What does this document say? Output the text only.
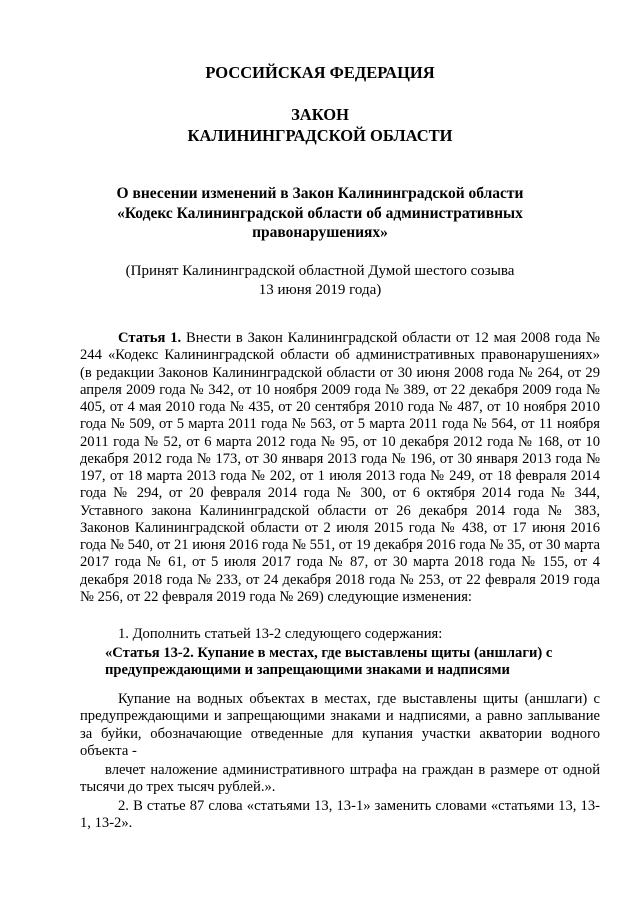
РОССИЙСКАЯ ФЕДЕРАЦИЯ

ЗАКОН

КАЛИНИНГРАДСКОЙ ОБЛАСТИ

О внесении изменений в Закон Калининградской области

«Кодекс Калининградской области об административных

правонарушениях»

(Принят Калининградской областной Думой шестого созыва

13 июня 2019 года)

Статья 1. Внести в Закон Калининградской области от 12 мая 2008 года № 244 «Кодекс Калининградской области об административных правонарушениях» (в редакции Законов Калининградской области от 30 июня 2008 года № 264, от 29 апреля 2009 года № 342, от 10 ноября 2009 года № 389, от 22 декабря 2009 года № 405, от 4 мая 2010 года № 435, от 20 сентября 2010 года № 487, от 10 ноября 2010 года № 509, от 5 марта 2011 года № 563, от 5 марта 2011 года № 564, от 11 ноября 2011 года № 52, от 6 марта 2012 года № 95, от 10 декабря 2012 года № 168, от 10 декабря 2012 года № 173, от 30 января 2013 года № 196, от 30 января 2013 года № 197, от 18 марта 2013 года № 202, от 1 июля 2013 года № 249, от 18 февраля 2014 года № 294, от 20 февраля 2014 года № 300, от 6 октября 2014 года № 344, Уставного закона Калининградской области от 26 декабря 2014 года № 383, Законов Калининградской области от 2 июля 2015 года № 438, от 17 июня 2016 года № 540, от 21 июня 2016 года № 551, от 19 декабря 2016 года № 35, от 30 марта 2017 года № 61, от 5 июля 2017 года № 87, от 30 марта 2018 года № 155, от 4 декабря 2018 года № 233, от 24 декабря 2018 года № 253, от 22 февраля 2019 года № 256, от 22 февраля 2019 года № 269) следующие изменения:

1. Дополнить статьей 13-2 следующего содержания:

«Статья 13-2. Купание в местах, где выставлены щиты (аншлаги) с
предупреждающими и запрещающими знаками и надписями

Купание на водных объектах в местах, где выставлены щиты (аншлаги) с предупреждающими и запрещающими знаками и надписями, а равно заплывание за буйки, обозначающие отведенные для купания участки акватории водного объекта -

влечет наложение административного штрафа на граждан в размере от одной тысячи до трех тысяч рублей.».

2. В статье 87 слова «статьями 13, 13-1» заменить словами «статьями 13, 13-1, 13-2».
